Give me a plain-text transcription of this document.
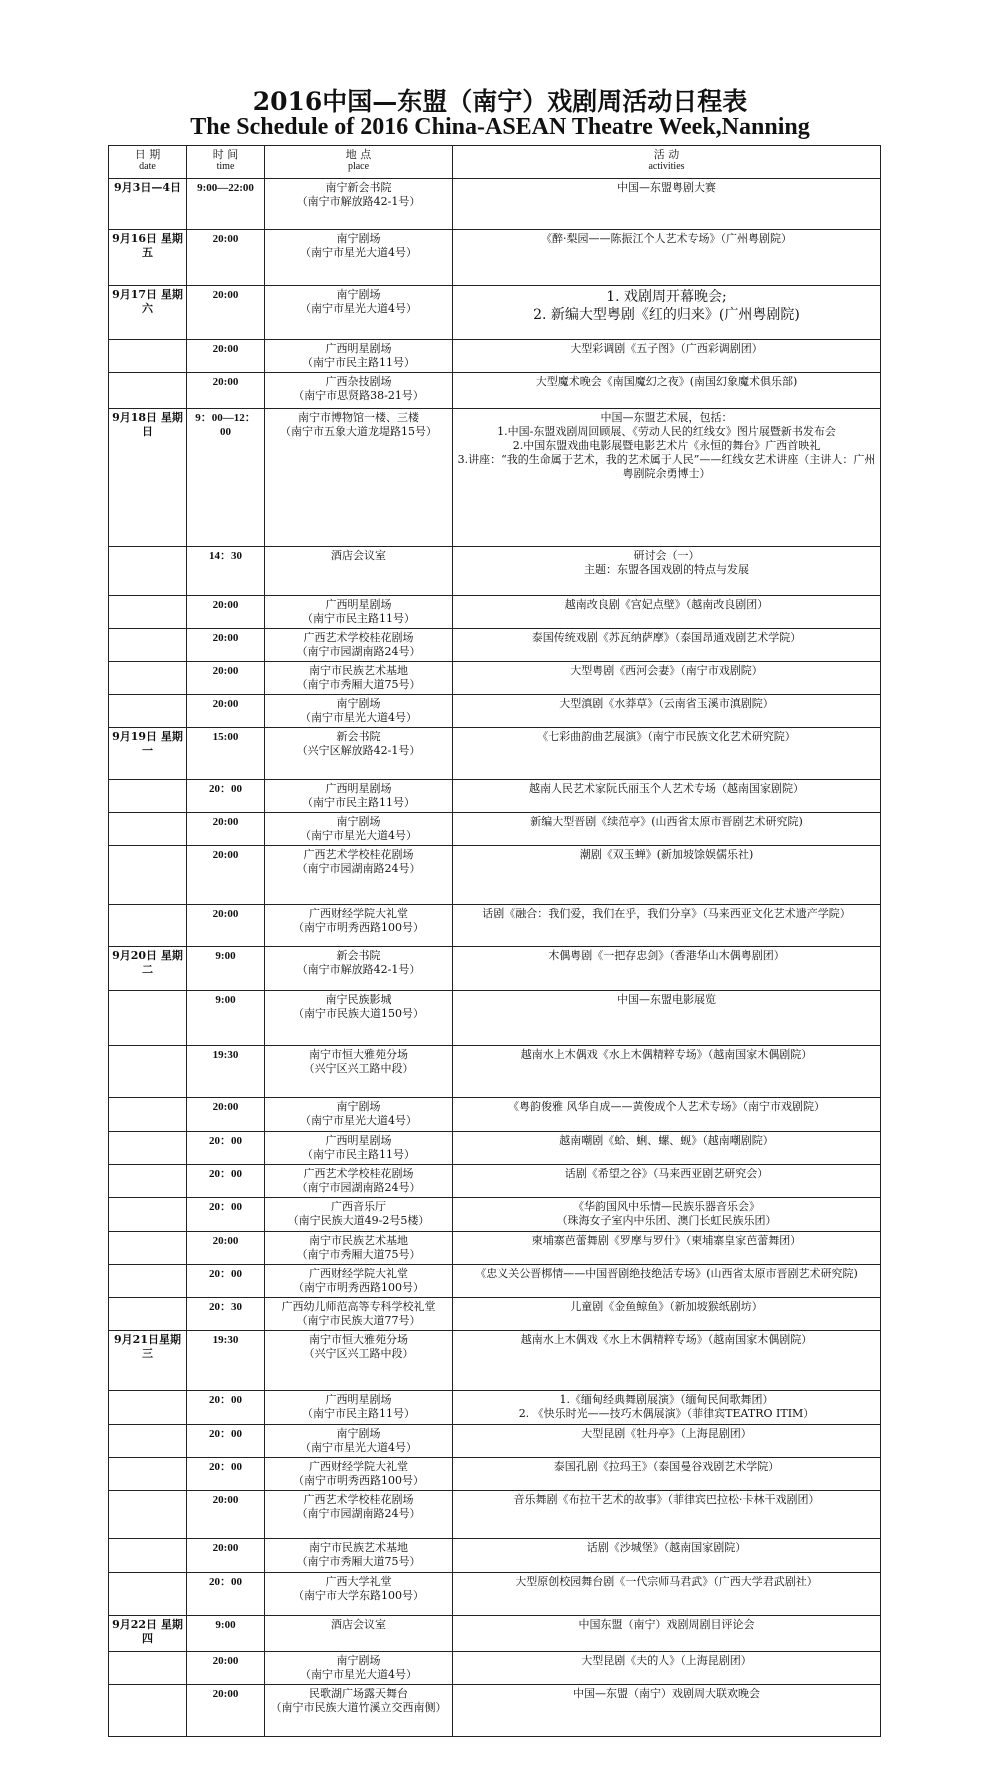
2016中国—东盟（南宁）戏剧周活动日程表
The Schedule of 2016 China-ASEAN Theatre Week,Nanning
日 期
date	时 间
time	地 点
place	活 动
activities

9月3日—4日	9:00—22:00	南宁新会书院
（南宁市解放路42-1号）	中国—东盟粤剧大赛

9月16日 星期五	20:00	南宁剧场
（南宁市星光大道4号）	《醉·梨园——陈振江个人艺术专场》（广州粤剧院）

9月17日 星期六	20:00	南宁剧场
（南宁市星光大道4号）	1. 戏剧周开幕晚会;
2. 新编大型粤剧《红的归来》(广州粤剧院)

	20:00	广西明星剧场
（南宁市民主路11号）	大型彩调剧《五子图》（广西彩调剧团）

	20:00	广西杂技剧场
（南宁市思贤路38-21号）	大型魔术晚会《南国魔幻之夜》(南国幻象魔术俱乐部)

9月18日 星期日	9：00—12：00	南宁市博物馆一楼、三楼
（南宁市五象大道龙堤路15号）	中国—东盟艺术展，包括：
1.中国-东盟戏剧周回顾展、《劳动人民的红线女》图片展暨新书发布会
2.中国东盟戏曲电影展暨电影艺术片《永恒的舞台》广西首映礼
3.讲座：“我的生命属于艺术，我的艺术属于人民”——红线女艺术讲座（主讲人：广州粤剧院余勇博士）

	14：30	酒店会议室	研讨会（一）
主题：东盟各国戏剧的特点与发展

	20:00	广西明星剧场
（南宁市民主路11号）	越南改良剧《宫妃点壁》（越南改良剧团）

	20:00	广西艺术学校桂花剧场
（南宁市园湖南路24号）	泰国传统戏剧《苏瓦纳萨摩》（泰国昂通戏剧艺术学院）

	20:00	南宁市民族艺术基地
（南宁市秀厢大道75号）	大型粤剧《西河会妻》（南宁市戏剧院）

	20:00	南宁剧场
（南宁市星光大道4号）	大型滇剧《水莽草》（云南省玉溪市滇剧院）

9月19日 星期一	15:00	新会书院
（兴宁区解放路42-1号）	《七彩曲韵曲艺展演》（南宁市民族文化艺术研究院）

	20：00	广西明星剧场
（南宁市民主路11号）	越南人民艺术家阮氏丽玉个人艺术专场（越南国家剧院）

	20:00	南宁剧场
（南宁市星光大道4号）	新编大型晋剧《续范亭》(山西省太原市晋剧艺术研究院)

	20:00	广西艺术学校桂花剧场
（南宁市园湖南路24号）	潮剧《双玉蝉》(新加坡馀娱儒乐社)

	20:00	广西财经学院大礼堂
（南宁市明秀西路100号）	话剧《融合：我们爱，我们在乎，我们分享》（马来西亚文化艺术遗产学院）

9月20日 星期二	9:00	新会书院
（南宁市解放路42-1号）	木偶粤剧《一把存忠剑》（香港华山木偶粤剧团）

	9:00	南宁民族影城
（南宁市民族大道150号）	中国—东盟电影展览

	19:30	南宁市恒大雅苑分场
（兴宁区兴工路中段）	越南水上木偶戏《水上木偶精粹专场》（越南国家木偶剧院）

	20:00	南宁剧场
（南宁市星光大道4号）	《粤韵俊雅 风华自成——黄俊成个人艺术专场》（南宁市戏剧院）

	20：00	广西明星剧场
（南宁市民主路11号）	越南嘲剧《蛤、蜊、螺、蚬》（越南嘲剧院）

	20：00	广西艺术学校桂花剧场
（南宁市园湖南路24号）	话剧《希望之谷》（马来西亚剧艺研究会）

	20：00	广西音乐厅
（南宁民族大道49-2号5楼）	《华韵国风中乐情—民族乐器音乐会》
（珠海女子室内中乐团、澳门长虹民族乐团）

	20:00	南宁市民族艺术基地
（南宁市秀厢大道75号）	柬埔寨芭蕾舞剧《罗摩与罗什》（柬埔寨皇家芭蕾舞团）

	20：00	广西财经学院大礼堂
（南宁市明秀西路100号）	《忠义关公晋梆情——中国晋剧绝技绝活专场》(山西省太原市晋剧艺术研究院)

	20：30	广西幼儿师范高等专科学校礼堂
（南宁市民族大道77号）	儿童剧《金鱼鲸鱼》（新加坡猴纸剧坊）

9月21日星期三	19:30	南宁市恒大雅苑分场
（兴宁区兴工路中段）	越南水上木偶戏《水上木偶精粹专场》（越南国家木偶剧院）

	20：00	广西明星剧场
（南宁市民主路11号）	1.《缅甸经典舞剧展演》（缅甸民间歌舞团）
2. 《快乐时光——技巧木偶展演》（菲律宾TEATRO ITIM）

	20：00	南宁剧场
（南宁市星光大道4号）	大型昆剧《牡丹亭》（上海昆剧团）

	20：00	广西财经学院大礼堂
（南宁市明秀西路100号）	泰国孔剧《拉玛王》（泰国曼谷戏剧艺术学院）

	20:00	广西艺术学校桂花剧场
（南宁市园湖南路24号）	音乐舞剧《布拉干艺术的故事》（菲律宾巴拉松·卡林干戏剧团）

	20:00	南宁市民族艺术基地
（南宁市秀厢大道75号）	话剧《沙城堡》（越南国家剧院）

	20：00	广西大学礼堂
（南宁市大学东路100号）	大型原创校园舞台剧《一代宗师马君武》（广西大学君武剧社）

9月22日 星期四	9:00	酒店会议室	中国东盟（南宁）戏剧周剧目评论会

	20:00	南宁剧场
（南宁市星光大道4号）	大型昆剧《夫的人》（上海昆剧团）

	20:00	民歌湖广场露天舞台
（南宁市民族大道竹溪立交西南侧）	中国—东盟（南宁）戏剧周大联欢晚会
